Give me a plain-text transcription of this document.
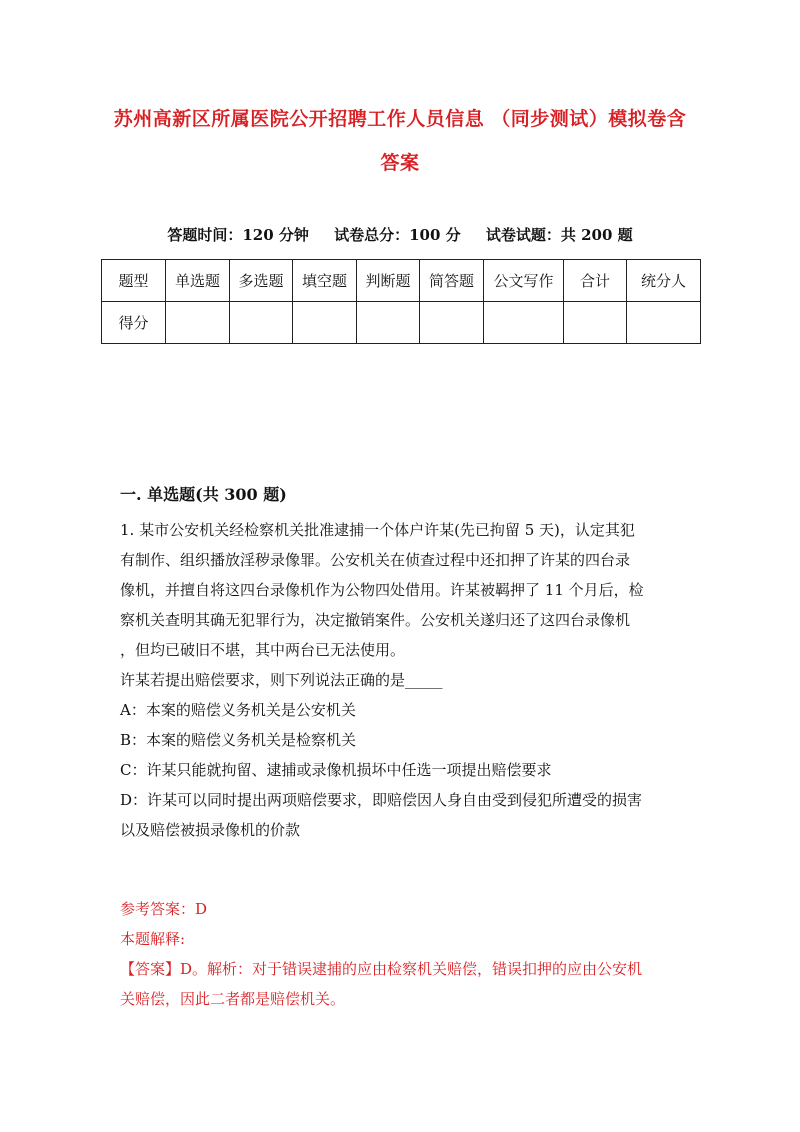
苏州高新区所属医院公开招聘工作人员信息 （同步测试）模拟卷含
答案
答题时间：120 分钟 试卷总分：100 分 试卷试题：共 200 题
题型	单选题	多选题	填空题	判断题	简答题	公文写作	合计	统分人
得分								
一. 单选题(共 300 题)
1. 某市公安机关经检察机关批准逮捕一个体户许某(先已拘留 5 天)，认定其犯
有制作、组织播放淫秽录像罪。公安机关在侦查过程中还扣押了许某的四台录
像机，并擅自将这四台录像机作为公物四处借用。许某被羁押了 11 个月后，检
察机关查明其确无犯罪行为，决定撤销案件。公安机关遂归还了这四台录像机
，但均已破旧不堪，其中两台已无法使用。
许某若提出赔偿要求，则下列说法正确的是_____
A：本案的赔偿义务机关是公安机关
B：本案的赔偿义务机关是检察机关
C：许某只能就拘留、逮捕或录像机损坏中任选一项提出赔偿要求
D：许某可以同时提出两项赔偿要求，即赔偿因人身自由受到侵犯所遭受的损害
以及赔偿被损录像机的价款
参考答案：D
本题解释:
【答案】D。解析：对于错误逮捕的应由检察机关赔偿，错误扣押的应由公安机
关赔偿，因此二者都是赔偿机关。
